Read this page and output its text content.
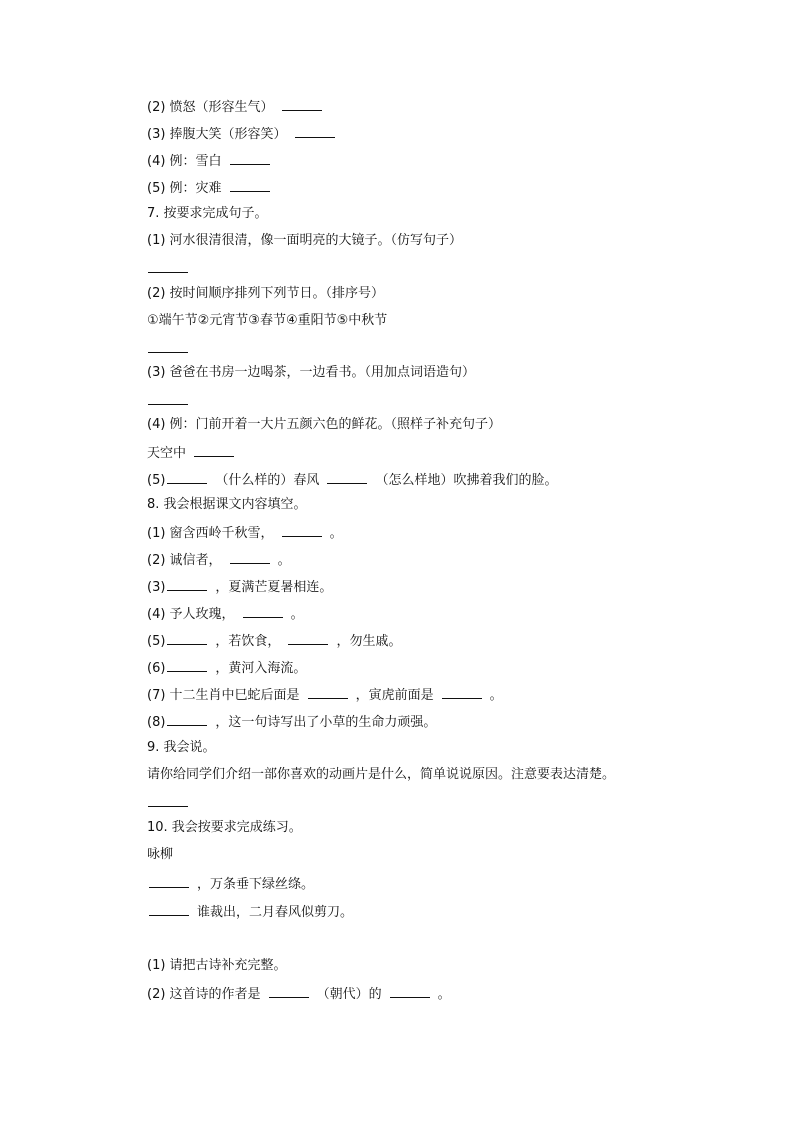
(2) 愤怒（形容生气）
(3) 捧腹大笑（形容笑）
(4) 例：雪白
(5) 例：灾难
7. 按要求完成句子。
(1) 河水很清很清，像一面明亮的大镜子。（仿写句子）
(2) 按时间顺序排列下列节日。（排序号）
①端午节②元宵节③春节④重阳节⑤中秋节
(3) 爸爸在书房一边喝茶，一边看书。（用加点词语造句）
(4) 例：门前开着一大片五颜六色的鲜花。（照样子补充句子）
天空中
(5)	（什么样的）春风	（怎么样地）吹拂着我们的脸。
8. 我会根据课文内容填空。
(1) 窗含西岭千秋雪，	。
(2) 诚信者，	。
(3)	，夏满芒夏暑相连。
(4) 予人玫瑰，	。
(5)	，若饮食，	，勿生戚。
(6)	，黄河入海流。
(7) 十二生肖中巳蛇后面是	，寅虎前面是	。
(8)	，这一句诗写出了小草的生命力顽强。
9. 我会说。
请你给同学们介绍一部你喜欢的动画片是什么，简单说说原因。注意要表达清楚。
10. 我会按要求完成练习。
咏柳
，万条垂下绿丝绦。
谁裁出，二月春风似剪刀。
(1) 请把古诗补充完整。
(2) 这首诗的作者是	（朝代）的	。
